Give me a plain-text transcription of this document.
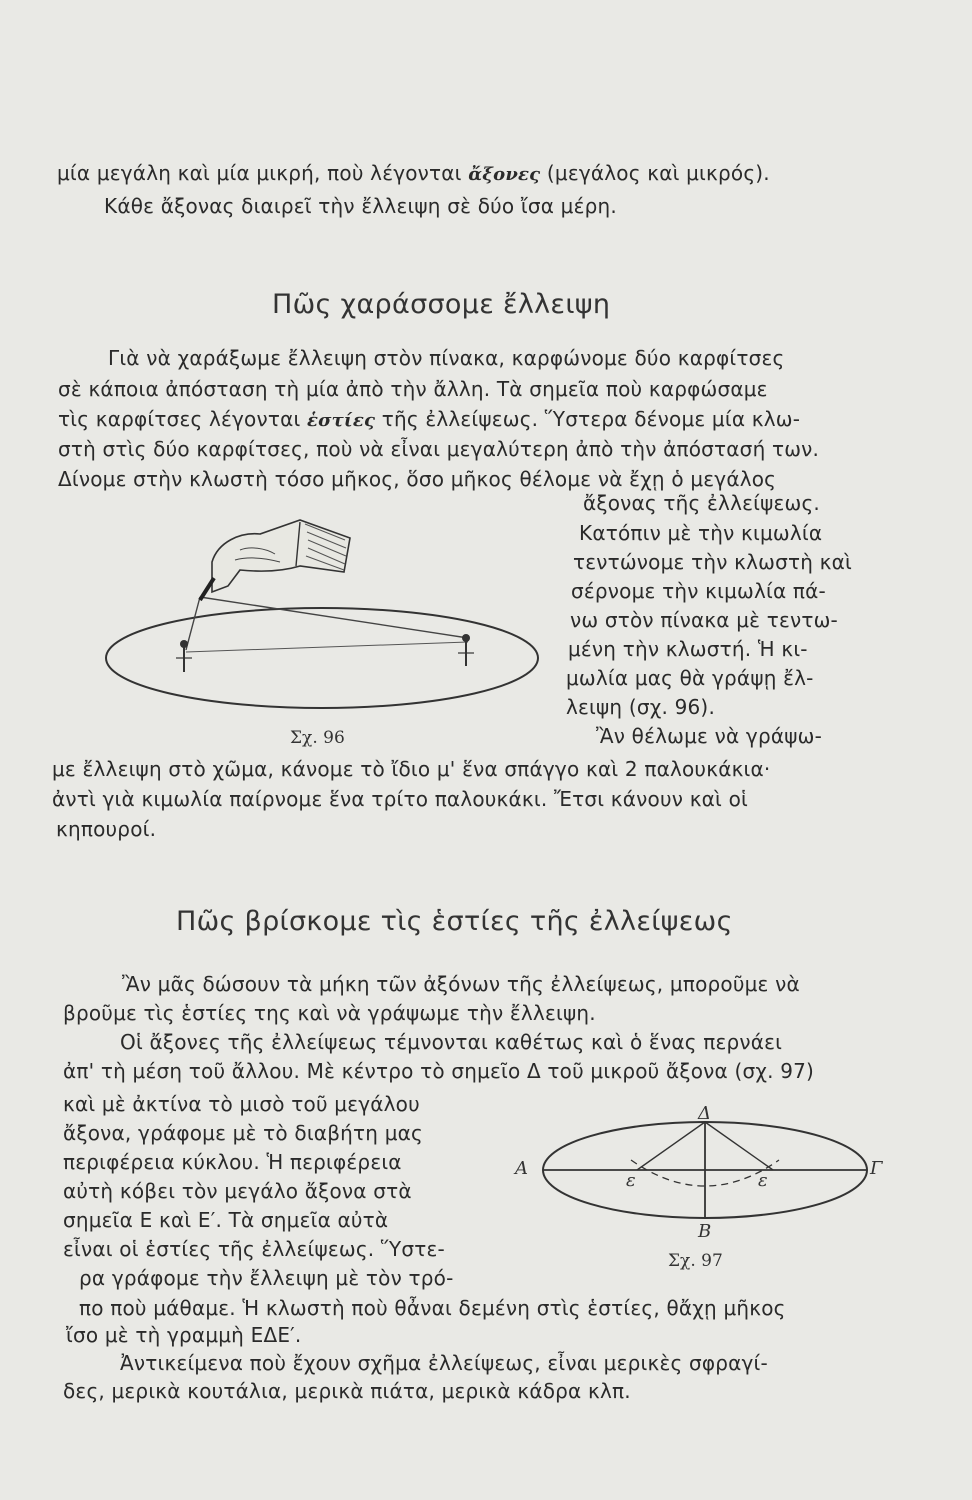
μία μεγάλη καὶ μία μικρή, ποὺ λέγονται ἄξονες (μεγάλος καὶ μικρός).
Κάθε ἄξονας διαιρεῖ τὴν ἔλλειψη σὲ δύο ἴσα μέρη.
Πῶς χαράσσομε ἔλλειψη
Γιὰ νὰ χαράξωμε ἔλλειψη στὸν πίνακα, καρφώνομε δύο καρφίτσες
σὲ κάποια ἀπόσταση τὴ μία ἀπὸ τὴν ἄλλη. Τὰ σημεῖα ποὺ καρφώσαμε
τὶς καρφίτσες λέγονται ἑστίες τῆς ἐλλείψεως. Ὕστερα δένομε μία κλω-
στὴ στὶς δύο καρφίτσες, ποὺ νὰ εἶναι μεγαλύτερη ἀπὸ τὴν ἀπόστασή των.
Δίνομε στὴν κλωστὴ τόσο μῆκος, ὅσο μῆκος θέλομε νὰ ἔχῃ ὁ μεγάλος
ἄξονας τῆς ἐλλείψεως.
Κατόπιν μὲ τὴν κιμωλία
τεντώνομε τὴν κλωστὴ καὶ
σέρνομε τὴν κιμωλία πά-
νω στὸν πίνακα μὲ τεντω-
μένη τὴν κλωστή. Ἡ κι-
μωλία μας θὰ γράψῃ ἔλ-
λειψη (σχ. 96).
Ἂν θέλωμε νὰ γράψω-
Σχ. 96
με ἔλλειψη στὸ χῶμα, κάνομε τὸ ἴδιο μ' ἕνα σπάγγο καὶ 2 παλουκάκια·
ἀντὶ γιὰ κιμωλία παίρνομε ἕνα τρίτο παλουκάκι. Ἔτσι κάνουν καὶ οἱ
κηπουροί.
Πῶς βρίσκομε τὶς ἑστίες τῆς ἐλλείψεως
Ἂν μᾶς δώσουν τὰ μήκη τῶν ἀξόνων τῆς ἐλλείψεως, μποροῦμε νὰ
βροῦμε τὶς ἑστίες της καὶ νὰ γράψωμε τὴν ἔλλειψη.
Οἱ ἄξονες τῆς ἐλλείψεως τέμνονται καθέτως καὶ ὁ ἕνας περνάει
ἀπ' τὴ μέση τοῦ ἄλλου. Μὲ κέντρο τὸ σημεῖο Δ τοῦ μικροῦ ἄξονα (σχ. 97)
καὶ μὲ ἀκτίνα τὸ μισὸ τοῦ μεγάλου
ἄξονα, γράφομε μὲ τὸ διαβήτη μας
περιφέρεια κύκλου. Ἡ περιφέρεια
αὐτὴ κόβει τὸν μεγάλο ἄξονα στὰ
σημεῖα Ε καὶ Ε′. Τὰ σημεῖα αὐτὰ
εἶναι οἱ ἑστίες τῆς ἐλλείψεως. Ὕστε-
ρα γράφομε τὴν ἔλλειψη μὲ τὸν τρό-
Δ
Β
Α	Γ
ε	ε
Σχ. 97
πο ποὺ μάθαμε. Ἡ κλωστὴ ποὺ θἆναι δεμένη στὶς ἑστίες, θἄχῃ μῆκος
ἴσο μὲ τὴ γραμμὴ ΕΔΕ′.
Ἀντικείμενα ποὺ ἔχουν σχῆμα ἐλλείψεως, εἶναι μερικὲς σφραγί-
δες, μερικὰ κουτάλια, μερικὰ πιάτα, μερικὰ κάδρα κλπ.
